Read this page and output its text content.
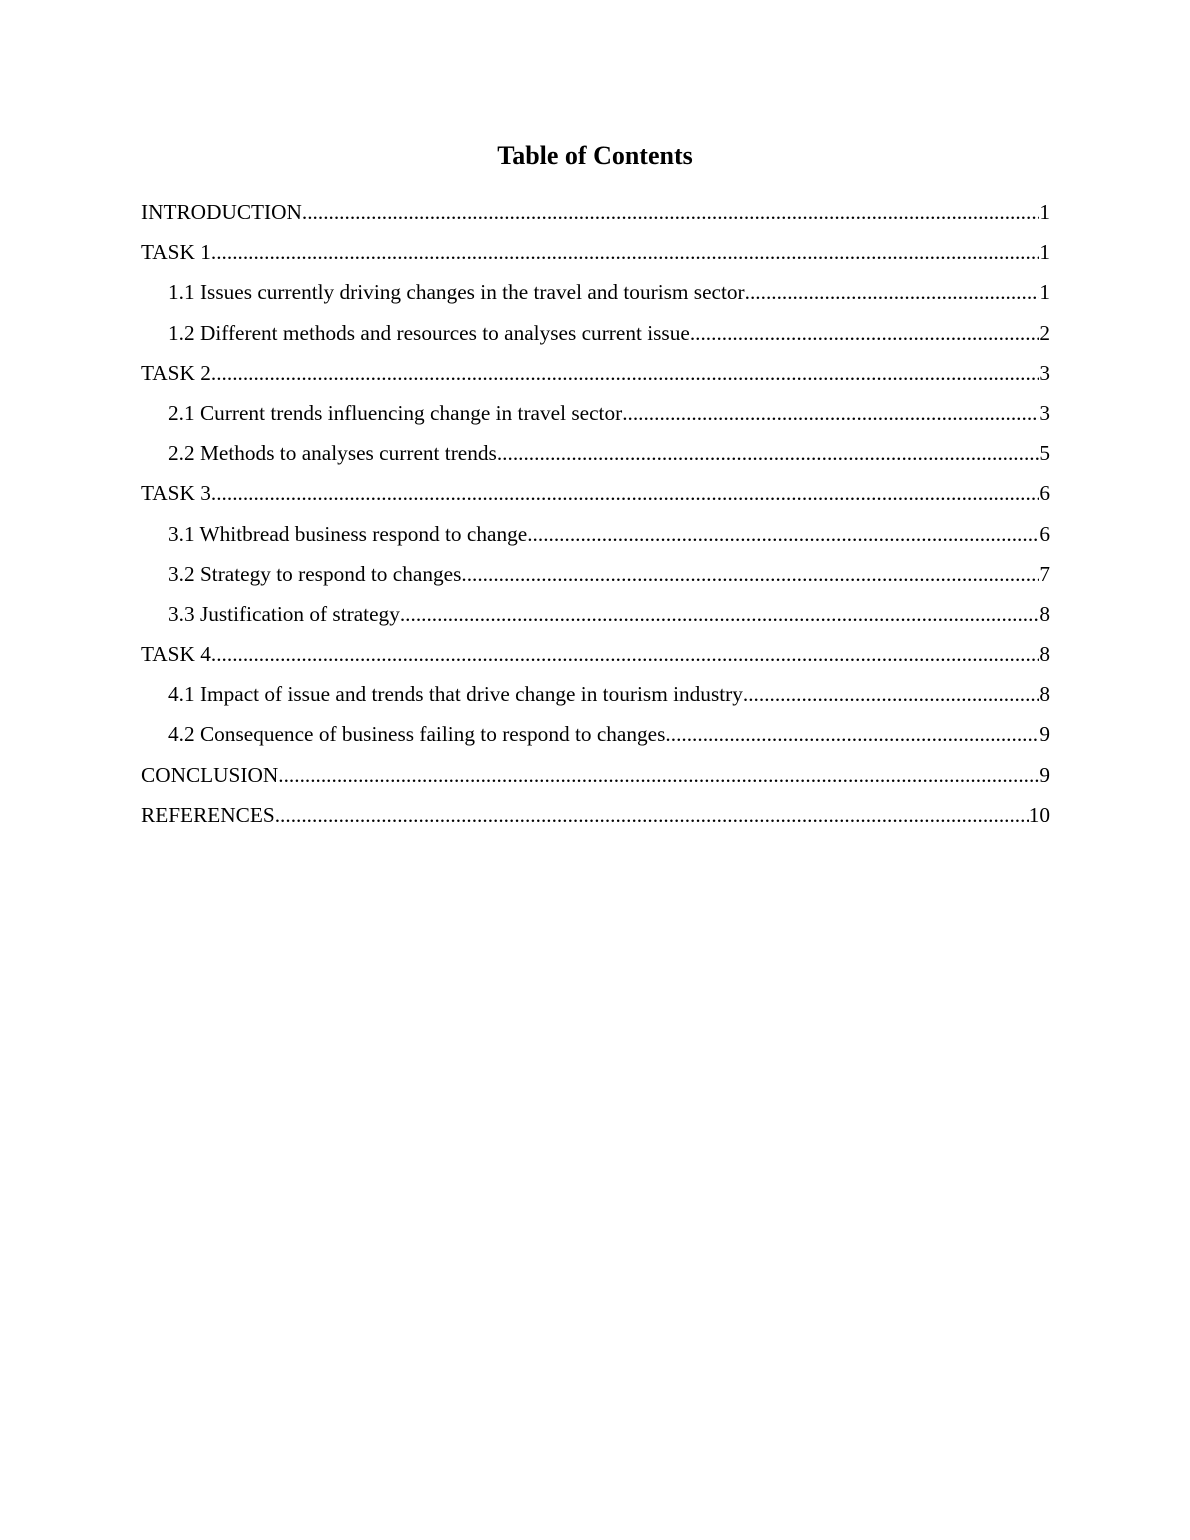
Table of Contents
INTRODUCTION .....	1
TASK 1 .....	1
1.1 Issues currently driving changes in the travel and tourism sector .....	1
1.2 Different methods and resources to analyses current issue .....	2
TASK 2 .....	3
2.1 Current trends influencing change in travel sector .....	3
2.2 Methods to analyses current trends .....	5
TASK 3 .....	6
3.1 Whitbread business respond to change .....	6
3.2 Strategy to respond to changes .....	7
3.3 Justification of strategy .....	8
TASK 4 .....	8
4.1 Impact of issue and trends that drive change in tourism industry .....	8
4.2 Consequence of business failing to respond to changes .....	9
CONCLUSION .....	9
REFERENCES .....	10
